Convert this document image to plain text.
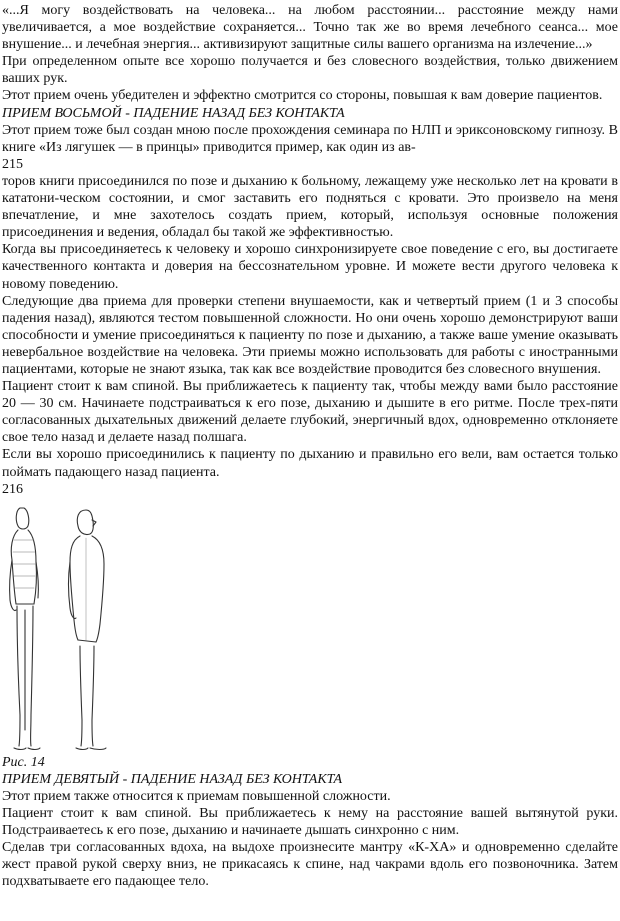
«...Я могу воздействовать на человека... на любом расстоянии... расстояние между нами увеличивается, а мое воздействие сохраняется... Точно так же во время лечебного сеанса... мое внушение... и лечебная энергия... активизируют защитные силы вашего организма на излечение...»

При определенном опыте все хорошо получается и без словесного воздействия, только движением ваших рук.

Этот прием очень убедителен и эффектно смотрится со стороны, повышая к вам доверие пациентов.

ПРИЕМ ВОСЬМОЙ - ПАДЕНИЕ НАЗАД БЕЗ КОНТАКТА

Этот прием тоже был создан мною после прохождения семинара по НЛП и эриксоновскому гипнозу. В книге «Из лягушек — в принцы» приводится пример, как один из ав-

215

торов книги присоединился по позе и дыханию к больному, лежащему уже несколько лет на кровати в кататони-ческом состоянии, и смог заставить его подняться с кровати. Это произвело на меня впечатление, и мне захотелось создать прием, который, используя основные положения присоединения и ведения, обладал бы такой же эффективностью.

Когда вы присоединяетесь к человеку и хорошо синхронизируете свое поведение с его, вы достигаете качественного контакта и доверия на бессознательном уровне. И можете вести другого человека к новому поведению.

Следующие два приема для проверки степени внушаемости, как и четвертый прием (1 и 3 способы падения назад), являются тестом повышенной сложности. Но они очень хорошо демонстрируют ваши способности и умение присоединяться к пациенту по позе и дыханию, а также ваше умение оказывать невербальное воздействие на человека. Эти приемы можно использовать для работы с иностранными пациентами, которые не знают языка, так как все воздействие проводится без словесного внушения.

Пациент стоит к вам спиной. Вы приближаетесь к пациенту так, чтобы между вами было расстояние 20 — 30 см. Начинаете подстраиваться к его позе, дыханию и дышите в его ритме. После трех-пяти согласованных дыхательных движений делаете глубокий, энергичный вдох, одновременно отклоняете свое тело назад и делаете назад полшага.

Если вы хорошо присоединились к пациенту по дыханию и правильно его вели, вам остается только поймать падающего назад пациента.

216

Рис. 14

ПРИЕМ ДЕВЯТЫЙ - ПАДЕНИЕ НАЗАД БЕЗ КОНТАКТА

Этот прием также относится к приемам повышенной сложности.

Пациент стоит к вам спиной. Вы приближаетесь к нему на расстояние вашей вытянутой руки. Подстраиваетесь к его позе, дыханию и начинаете дышать синхронно с ним.

Сделав три согласованных вдоха, на выдохе произнесите мантру «К-ХА» и одновременно сделайте жест правой рукой сверху вниз, не прикасаясь к спине, над чакрами вдоль его позвоночника. Затем подхватываете его падающее тело.
